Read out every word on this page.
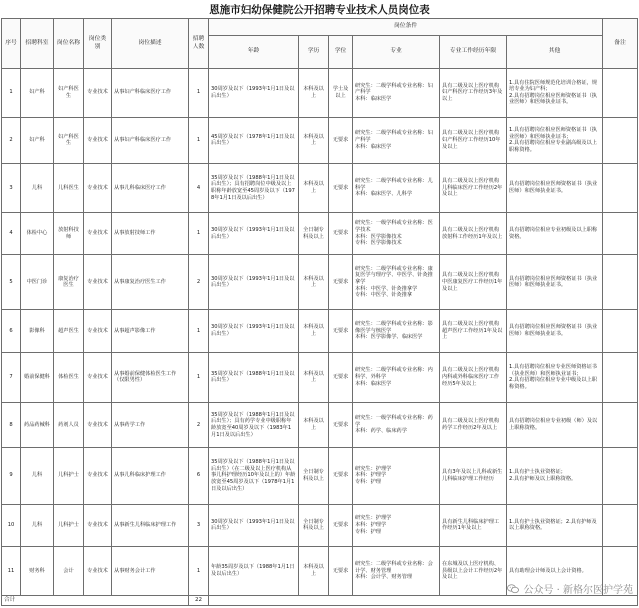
恩施市妇幼保健院公开招聘专业技术人员岗位表
序号	招聘科室	岗位名称	岗位类别	岗位描述	招聘人数	岗位条件						备注
						年龄	学历	学位	专业	专业工作经历年限	其他	
1	妇产科	妇产科医生	专业技术	从事妇产科临床医疗工作	1	30周岁及以下（1993年1月1日及以后出生）	本科及以上	学士及以上	研究生：二级学科或专业名称：妇产科学
本科：临床医学	具有二级及以上医疗机构妇产科医疗工作经历3年及以上	1.具有住院医师规范化培训合格证，规培专业为妇产科；
2.具有招聘岗位相应医师资格证书（执业医师）和医师执业证书。	
2	妇产科	妇产科医生	专业技术	从事妇产科临床医疗工作	1	45周岁及以下（1978年1月1日及以后出生）	本科及以上	无要求	研究生：二级学科或专业名称：妇产科学
本科：临床医学	具有二级及以上医疗机构妇产科医疗工作经历10年及以上	1.具有招聘岗位相应医师资格证书（执业医师）和医师执业证书；
2.具有招聘岗位相应专业副高级及以上职称资格。	
3	儿科	儿科医生	专业技术	从事儿科临床医疗工作	4	35周岁及以下（1988年1月1日及以后出生）；具有招聘岗位中级及以上职称年龄放宽至45周岁及以下（1978年1月1日及以后出生）	本科及以上	无要求	研究生：二级学科或专业名称：儿科学
本科：临床医学、儿科学	具有二级及以上医疗机构儿科临床医疗工作经历2年及以上	具有招聘岗位相应医师资格证书（执业医师）和医师执业证书。	
4	体检中心	放射科技师	专业技术	从事放射技师工作	1	30周岁及以下（1993年1月1日及以后出生）	全日制专科及以上	无要求	研究生：一级学科或专业名称：医学技术
本科：医学影像技术
专科：医学影像技术	具有二级及以上医疗机构放射科工作经历1年及以上	具有招聘岗位相应专业初级及以上职称资格。	
5	中医门诊	康复治疗医生	专业技术	从事康复治疗医生工作	2	30周岁及以下（1993年1月1日及以后出生）	本科及以上	无要求	研究生：二级学科或专业名称：康复医学与理疗学、中医学、针灸推拿学
本科：中医学、针灸推拿学
专科：中医学、针灸推拿	具有二级及以上医疗机构中医康复医疗工作经历1年及以上	具有招聘岗位相应医师资格证书（执业医师）和医师执业证书。	
6	影像科	超声医生	专业技术	从事超声影像工作	1	30周岁及以下（1993年1月1日及以后出生）	本科及以上	无要求	研究生：二级学科或专业名称：影像医学与核医学
本科：医学影像学、临床医学	具有二级及以上医疗机构超声医疗工作经历1年及以上	具有招聘岗位相应医师资格证书（执业医师）和医师执业证书。	
7	婚前保健科	体检医生	专业技术	从事婚前保健体检医生工作（仅限男性）	1	35周岁及以下（1988年1月1日及以后出生）	本科及以上	无要求	研究生：二级学科或专业名称：内科学、外科学
本科：临床医学	具有二级及以上医疗机构内科或外科临床医疗工作经历5年及以上	1.具有招聘岗位相应专业医师资格证书（执业医师）和医师执业证书；
2.具有招聘岗位相应专业中级及以上职称资格。	
8	药品药械科	药剂人员	专业技术	从事药学工作	2	35周岁及以下（1988年1月1日及以后出生）；具有药学专业中级职称年龄放宽至40周岁及以下（1983年1月1日及以后出生）	本科及以上	无要求	研究生：一级学科或专业名称：药学
本科：药学、临床药学	具有二级及以上医疗机构药学工作经历2年及以上	具有招聘岗位相应专业初级（师）及以上职称资格。	
9	儿科	儿科护士	专业技术	从事儿科临床护理工作	6	35周岁及以下（1988年1月1日及以后出生）（在二级及以上医疗机构从事儿科护理经历10年及以上的）年龄放宽至45周岁及以下（1978年1月1日及以后出生）	全日制专科及以上	无要求	研究生：护理学
本科：护理学
专科：护理	具有3年及以上儿科或新生儿科临床护理工作经历	1.具有护士执业资格证；
2.具有护师及以上职称资格。	
10	儿科	儿科护士	专业技术	从事新生儿科临床护理工作	3	30周岁及以下（1993年1月1日及以后出生）	全日制专科及以上	无要求	研究生：护理学
本科：护理学
专科：护理	具有新生儿科临床护理工作经历1年及以上	1.具有护士执业资格证；2.具有护师及以上职称资格。	
11	财务科	会计	专业技术	从事财务会计工作	1	年龄35周岁及以下（1988年1月1日及以后出生）	本科及以上	无要求	研究生：二级学科或专业名称：会计学、财务管理
本科：会计学、财务管理	在东城及以上医疗机构、县级以上会计工作经历2年及以上	具有助理会计师及以上会计资格。	
合计					22							
公众号 · 新格尔医护学苑
